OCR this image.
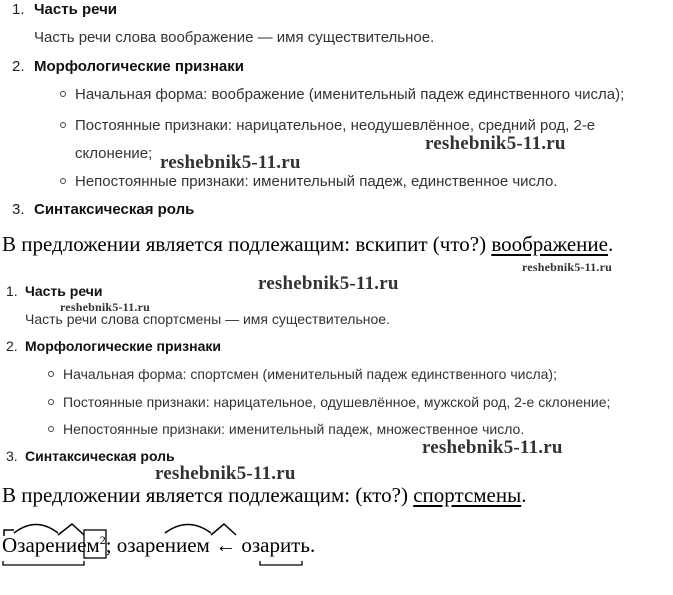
1. Часть речи
Часть речи слова воображение — имя существительное.
2. Морфологические признаки
Начальная форма: воображение (именительный падеж единственного числа);
Постоянные признаки: нарицательное, неодушевлённое, средний род, 2-е
склонение;
Непостоянные признаки: именительный падеж, единственное число.
3. Синтаксическая роль
В предложении является подлежащим: вскипит (что?) воображение.
1. Часть речи
Часть речи слова спортсмены — имя существительное.
2. Морфологические признаки
Начальная форма: спортсмен (именительный падеж единственного числа);
Постоянные признаки: нарицательное, одушевлённое, мужской род, 2-е склонение;
Непостоянные признаки: именительный падеж, множественное число.
3. Синтаксическая роль
В предложении является подлежащим: (кто?) спортсмены.
Озарением$^2$; озарением ← озарить.
reshebnik5-11.ru
reshebnik5-11.ru
reshebnik5-11.ru
reshebnik5-11.ru
reshebnik5-11.ru
reshebnik5-11.ru
reshebnik5-11.ru
